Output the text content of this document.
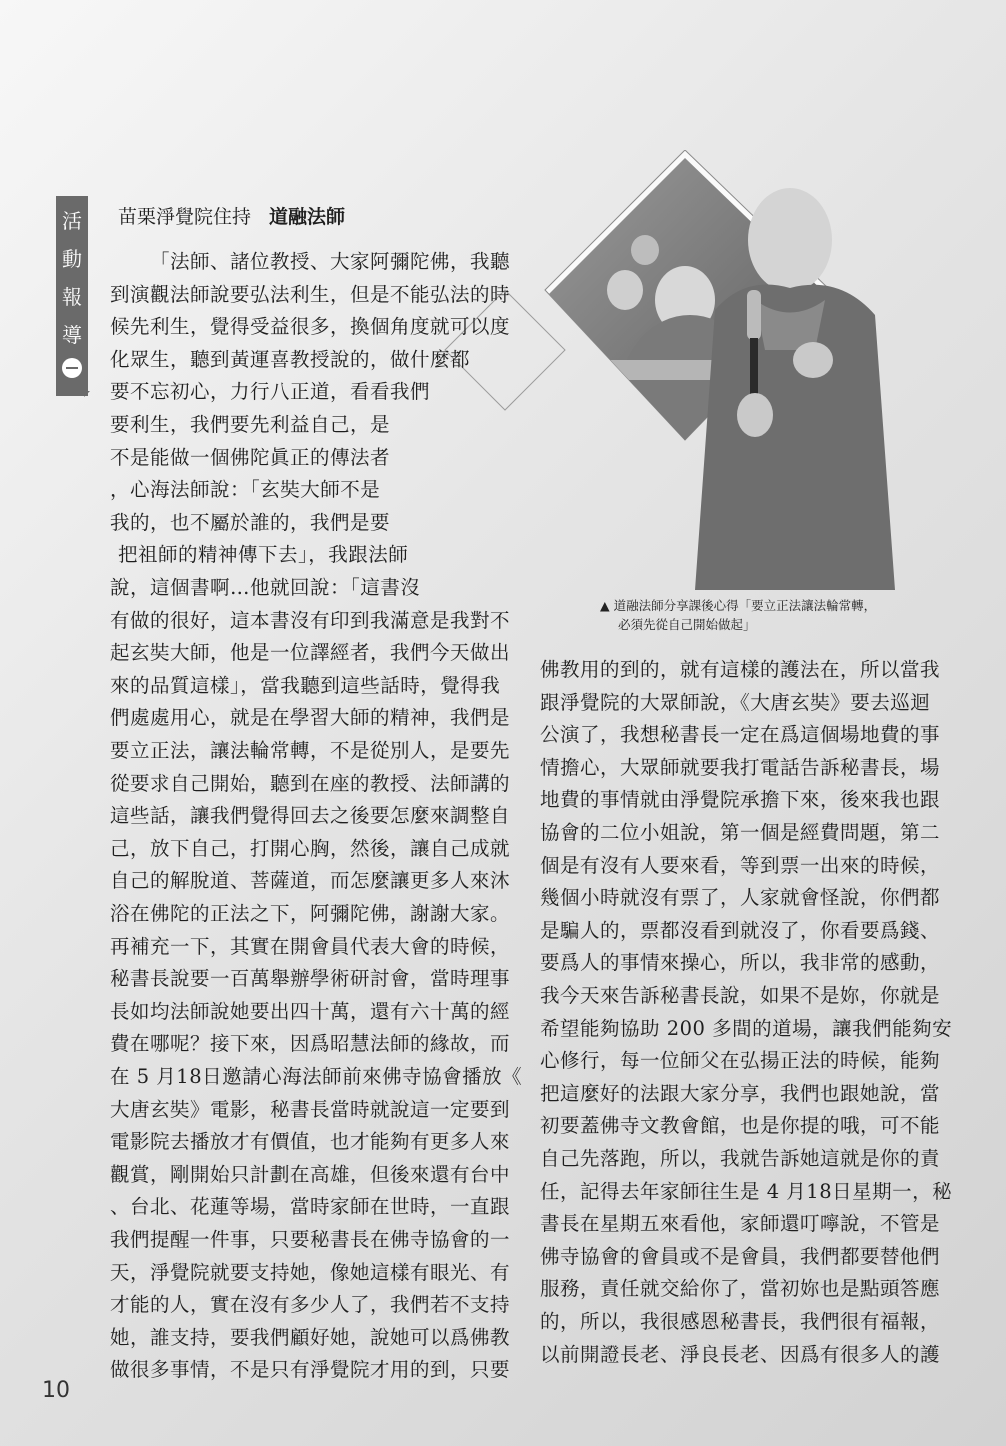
活
動
報
導
苗栗淨覺院住持 道融法師
▲ 道融法師分享課後心得「要立正法讓法輪常轉，
必須先從自己開始做起」
「法師、諸位教授、大家阿彌陀佛，我聽
到演觀法師說要弘法利生，但是不能弘法的時
候先利生，覺得受益很多，換個角度就可以度
化眾生，聽到黃運喜教授說的，做什麼都
要不忘初心，力行八正道，看看我們
要利生，我們要先利益自己，是
不是能做一個佛陀眞正的傳法者
，心海法師說：「玄奘大師不是
我的，也不屬於誰的，我們是要
把祖師的精神傳下去」，我跟法師
說，這個書啊…他就回說：「這書沒
有做的很好，這本書沒有印到我滿意是我對不
起玄奘大師，他是一位譯經者，我們今天做出
來的品質這樣」，當我聽到這些話時，覺得我
們處處用心，就是在學習大師的精神，我們是
要立正法，讓法輪常轉，不是從別人，是要先
從要求自己開始，聽到在座的教授、法師講的
這些話，讓我們覺得回去之後要怎麼來調整自
己，放下自己，打開心胸，然後，讓自己成就
自己的解脫道、菩薩道，而怎麼讓更多人來沐
浴在佛陀的正法之下，阿彌陀佛，謝謝大家。
再補充一下，其實在開會員代表大會的時候，
秘書長說要一百萬舉辦學術研討會，當時理事
長如均法師說她要出四十萬，還有六十萬的經
費在哪呢？接下來，因爲昭慧法師的緣故，而
在 5 月18日邀請心海法師前來佛寺協會播放《
大唐玄奘》電影，秘書長當時就說這一定要到
電影院去播放才有價值，也才能夠有更多人來
觀賞，剛開始只計劃在高雄，但後來還有台中
、台北、花蓮等場，當時家師在世時，一直跟
我們提醒一件事，只要秘書長在佛寺協會的一
天，淨覺院就要支持她，像她這樣有眼光、有
才能的人，實在沒有多少人了，我們若不支持
她，誰支持，要我們顧好她，說她可以爲佛教
做很多事情，不是只有淨覺院才用的到，只要
佛教用的到的，就有這樣的護法在，所以當我
跟淨覺院的大眾師說，《大唐玄奘》要去巡迴
公演了，我想秘書長一定在爲這個場地費的事
情擔心，大眾師就要我打電話告訴秘書長，場
地費的事情就由淨覺院承擔下來，後來我也跟
協會的二位小姐說，第一個是經費問題，第二
個是有沒有人要來看，等到票一出來的時候，
幾個小時就沒有票了，人家就會怪說，你們都
是騙人的，票都沒看到就沒了，你看要爲錢、
要爲人的事情來操心，所以，我非常的感動，
我今天來告訴秘書長說，如果不是妳，你就是
希望能夠協助 200 多間的道場，讓我們能夠安
心修行，每一位師父在弘揚正法的時候，能夠
把這麼好的法跟大家分享，我們也跟她說，當
初要蓋佛寺文教會館，也是你提的哦，可不能
自己先落跑，所以，我就告訴她這就是你的責
任，記得去年家師往生是 4 月18日星期一，秘
書長在星期五來看他，家師還叮嚀說，不管是
佛寺協會的會員或不是會員，我們都要替他們
服務，責任就交給你了，當初妳也是點頭答應
的，所以，我很感恩秘書長，我們很有福報，
以前開證長老、淨良長老、因爲有很多人的護
10
